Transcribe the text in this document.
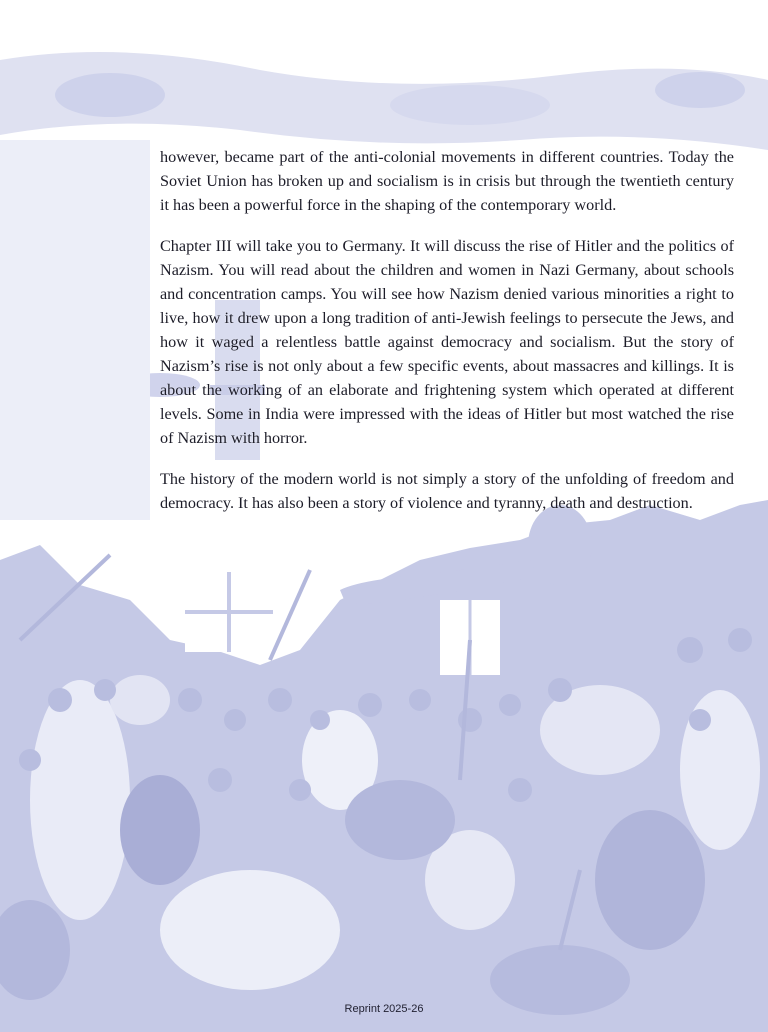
however, became part of the anti-colonial movements in different countries. Today the Soviet Union has broken up and socialism is in crisis but through the twentieth century it has been a powerful force in the shaping of the contemporary world.

Chapter III will take you to Germany. It will discuss the rise of Hitler and the politics of Nazism. You will read about the children and women in Nazi Germany, about schools and concentration camps. You will see how Nazism denied various minorities a right to live, how it drew upon a long tradition of anti-Jewish feelings to persecute the Jews, and how it waged a relentless battle against democracy and socialism. But the story of Nazism’s rise is not only about a few specific events, about massacres and killings. It is about the working of an elaborate and frightening system which operated at different levels. Some in India were impressed with the ideas of Hitler but most watched the rise of Nazism with horror.

The history of the modern world is not simply a story of the unfolding of freedom and democracy. It has also been a story of violence and tyranny, death and destruction.

Reprint 2025-26
